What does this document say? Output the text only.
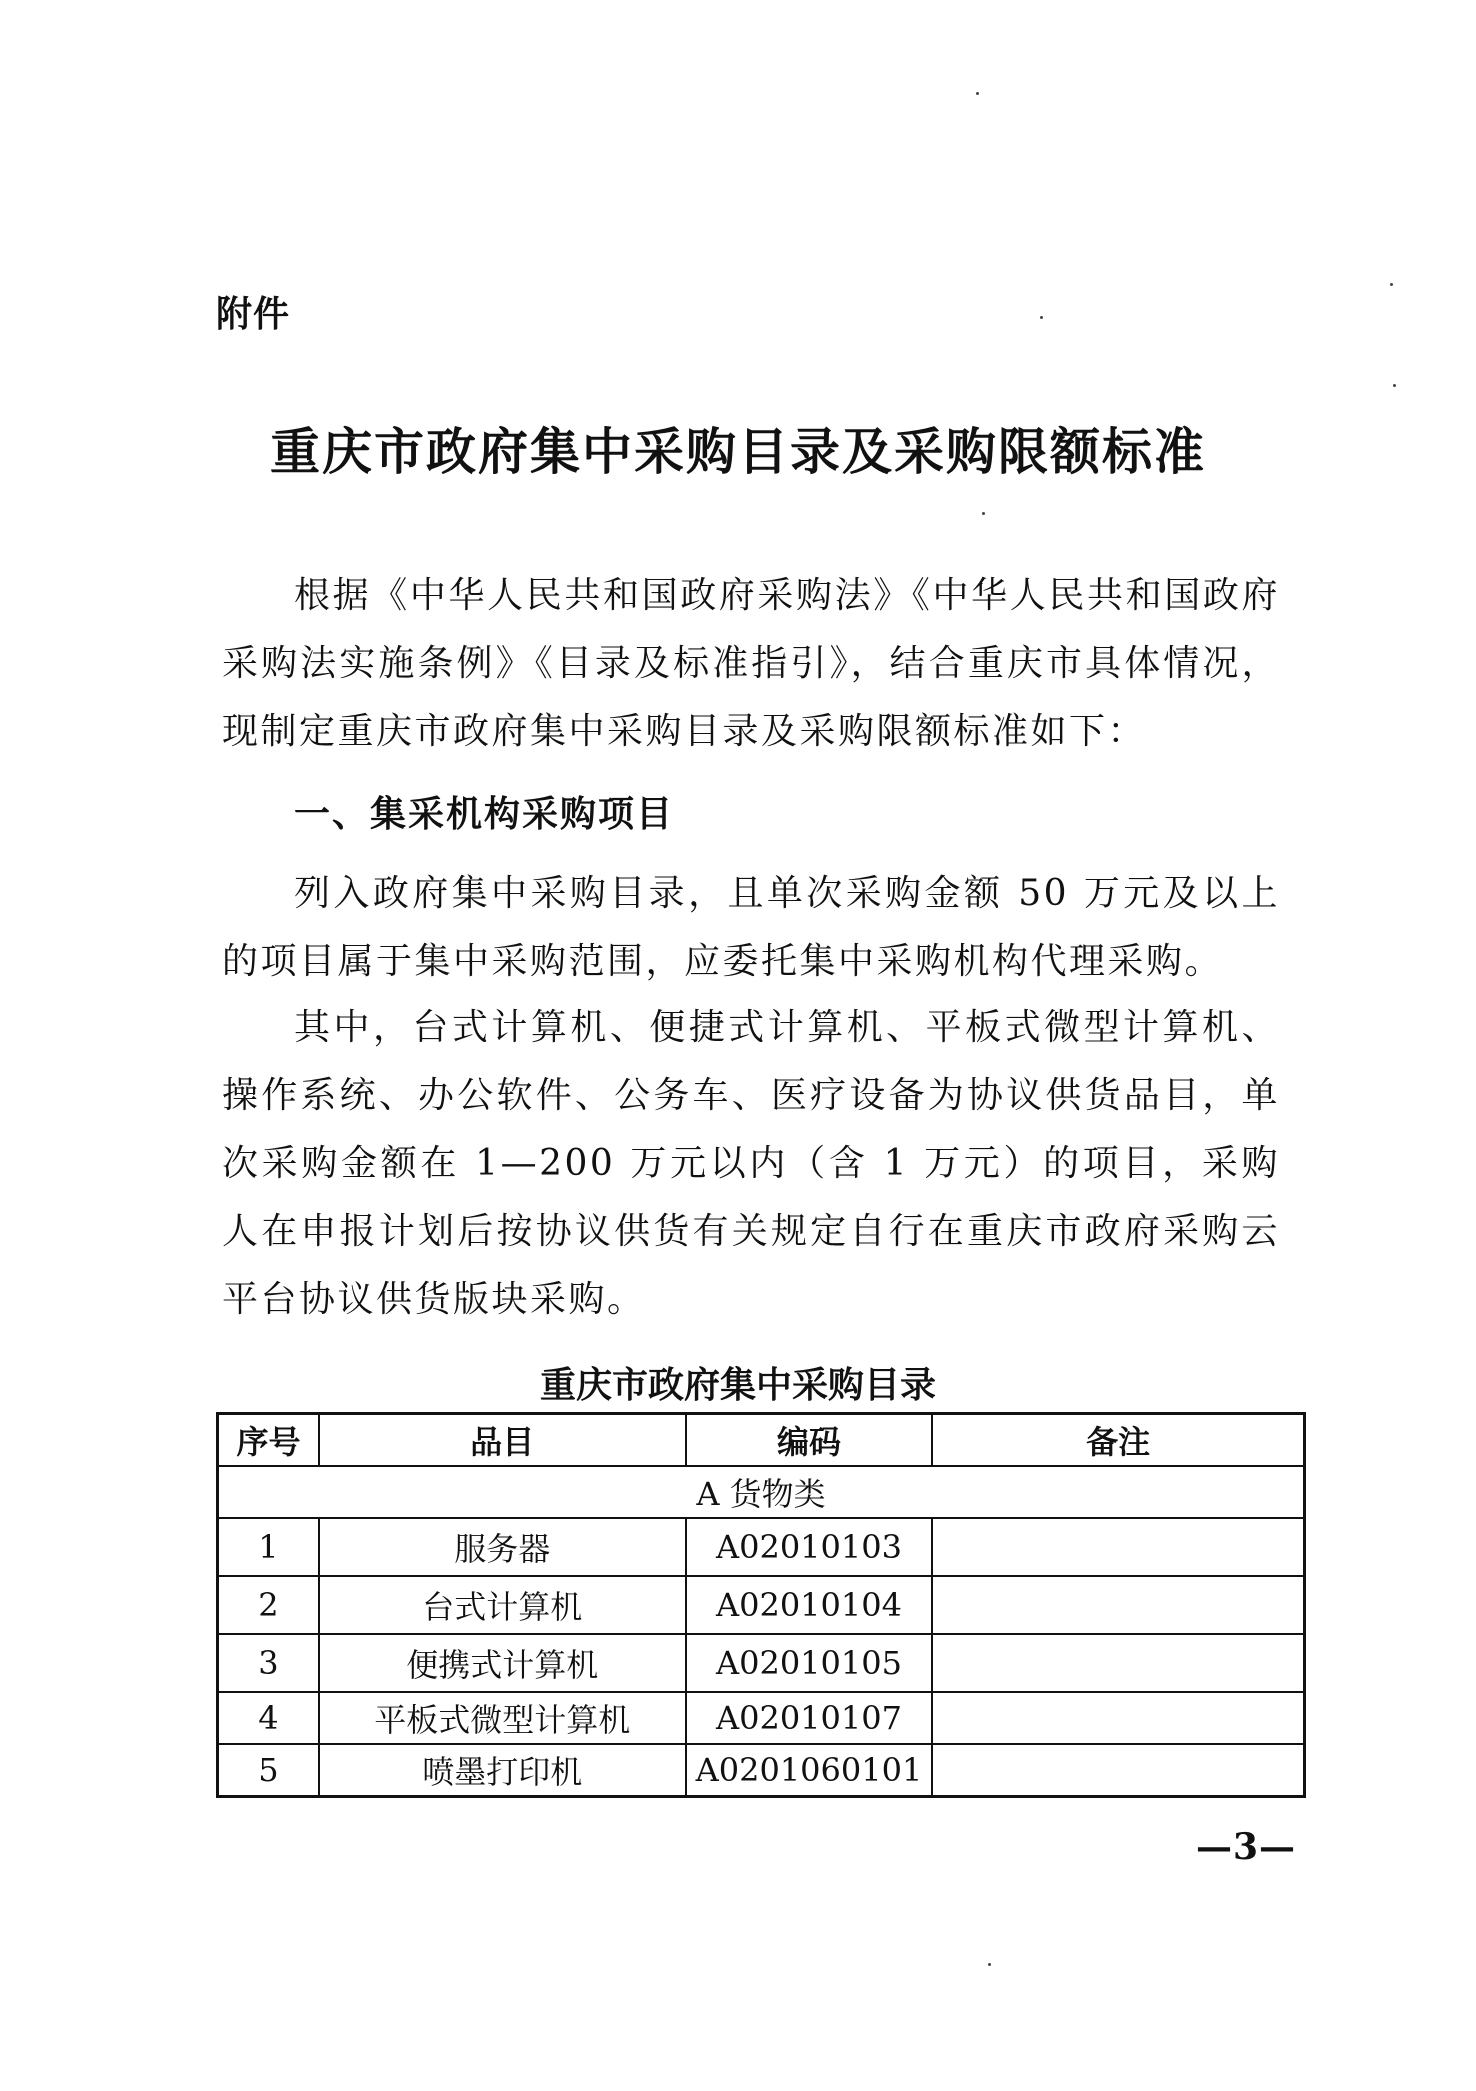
附件
重庆市政府集中采购目录及采购限额标准

根据《中华人民共和国政府采购法》《中华人民共和国政府采购法实施条例》《目录及标准指引》，结合重庆市具体情况，现制定重庆市政府集中采购目录及采购限额标准如下：

一、集采机构采购项目

列入政府集中采购目录，且单次采购金额 50 万元及以上的项目属于集中采购范围，应委托集中采购机构代理采购。

其中，台式计算机、便捷式计算机、平板式微型计算机、操作系统、办公软件、公务车、医疗设备为协议供货品目，单次采购金额在 1—200 万元以内（含 1 万元）的项目，采购人在申报计划后按协议供货有关规定自行在重庆市政府采购云平台协议供货版块采购。

重庆市政府集中采购目录
序号	品目	编码	备注
A 货物类			
1	服务器	A02010103	
2	台式计算机	A02010104	
3	便携式计算机	A02010105	
4	平板式微型计算机	A02010107	
5	喷墨打印机	A0201060101	
—3—
